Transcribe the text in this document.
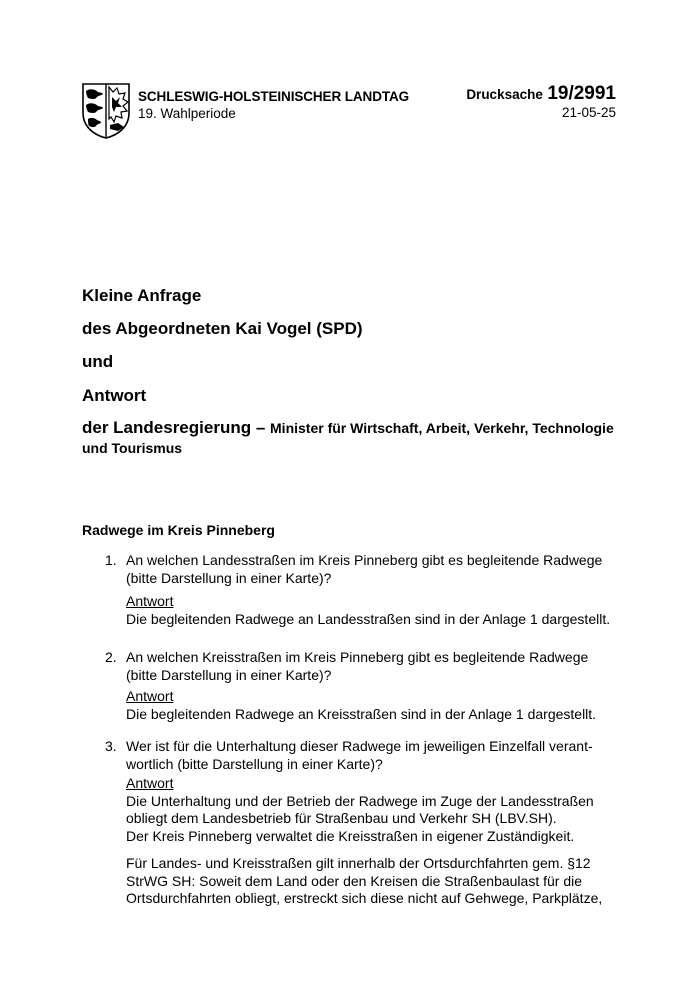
SCHLESWIG-HOLSTEINISCHER LANDTAG
19. Wahlperiode
Drucksache 19/2991
21-05-25
Kleine Anfrage
des Abgeordneten Kai Vogel (SPD)
und
Antwort
der Landesregierung – Minister für Wirtschaft, Arbeit, Verkehr, Technologie und Tourismus
Radwege im Kreis Pinneberg
1. An welchen Landesstraßen im Kreis Pinneberg gibt es begleitende Radwege
(bitte Darstellung in einer Karte)?
Antwort
Die begleitenden Radwege an Landesstraßen sind in der Anlage 1 dargestellt.
2. An welchen Kreisstraßen im Kreis Pinneberg gibt es begleitende Radwege
(bitte Darstellung in einer Karte)?
Antwort
Die begleitenden Radwege an Kreisstraßen sind in der Anlage 1 dargestellt.
3. Wer ist für die Unterhaltung dieser Radwege im jeweiligen Einzelfall verant-
wortlich (bitte Darstellung in einer Karte)?
Antwort
Die Unterhaltung und der Betrieb der Radwege im Zuge der Landesstraßen
obliegt dem Landesbetrieb für Straßenbau und Verkehr SH (LBV.SH).
Der Kreis Pinneberg verwaltet die Kreisstraßen in eigener Zuständigkeit.
Für Landes- und Kreisstraßen gilt innerhalb der Ortsdurchfahrten gem. §12
StrWG SH: Soweit dem Land oder den Kreisen die Straßenbaulast für die
Ortsdurchfahrten obliegt, erstreckt sich diese nicht auf Gehwege, Parkplätze,
